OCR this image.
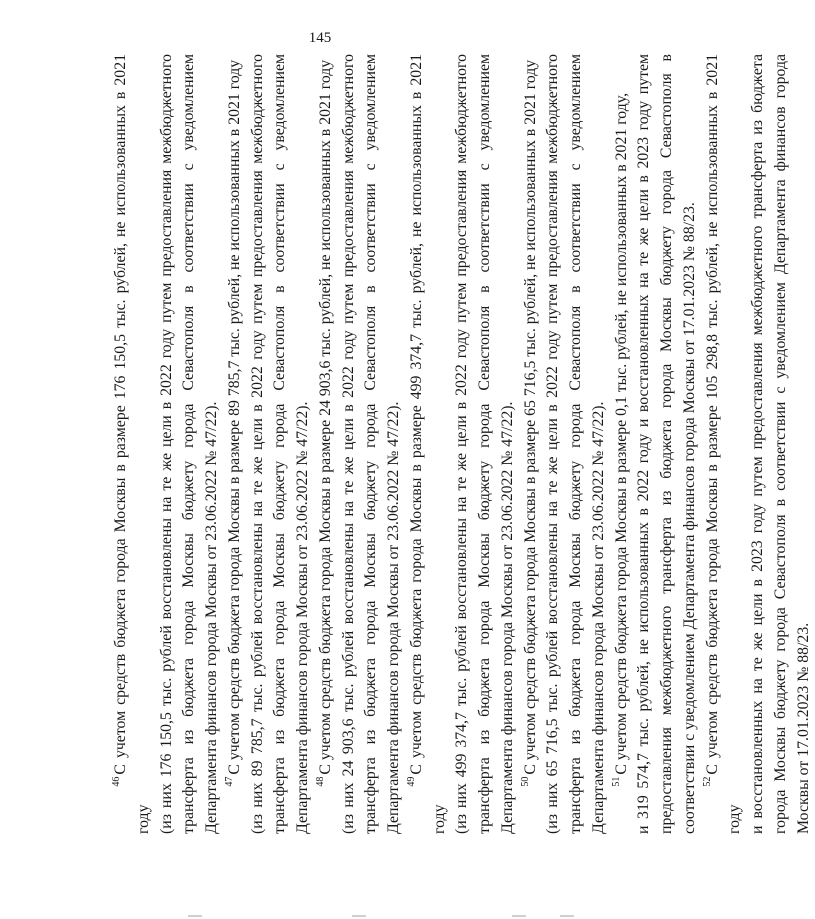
145

   $^{46}$С учетом средств бюджета города Москвы в размере 176 150,5 тыс. рублей, не использованных в 2021 году (из них 176 150,5 тыс. рублей восстановлены на те же цели в 2022 году путем предоставления межбюджетного трансферта из бюджета города Москвы бюджету города Севастополя в соответствии с уведомлением Департамента финансов города Москвы от 23.06.2022 № 47/22).

    $^{47}$С учетом средств бюджета города Москвы в размере 89 785,7 тыс. рублей, не использованных в 2021 году (из них 89 785,7 тыс. рублей восстановлены на те же цели в 2022 году путем предоставления межбюджетного трансферта из бюджета города Москвы бюджету города Севастополя в соответствии с уведомлением Департамента финансов города Москвы от 23.06.2022 № 47/22).

    $^{48}$С учетом средств бюджета города Москвы в размере 24 903,6 тыс. рублей, не использованных в 2021 году (из них 24 903,6 тыс. рублей восстановлены на те же цели в 2022 году путем предоставления межбюджетного трансферта из бюджета города Москвы бюджету города Севастополя в соответствии с уведомлением Департамента финансов города Москвы от 23.06.2022 № 47/22).

    $^{49}$С учетом средств бюджета города Москвы в размере 499 374,7 тыс. рублей, не использованных в 2021 году (из них 499 374,7 тыс. рублей восстановлены на те же цели в 2022 году путем предоставления межбюджетного трансферта из бюджета города Москвы бюджету города Севастополя в соответствии с уведомлением Департамента финансов города Москвы от 23.06.2022 № 47/22).

    $^{50}$С учетом средств бюджета города Москвы в размере 65 716,5 тыс. рублей, не использованных в 2021 году (из них 65 716,5 тыс. рублей восстановлены на те же цели в 2022 году путем предоставления межбюджетного трансферта из бюджета города Москвы бюджету города Севастополя в соответствии с уведомлением Департамента финансов города Москвы от 23.06.2022 № 47/22).

    $^{51}$С учетом средств бюджета города Москвы в размере 0,1 тыс. рублей, не использованных в 2021 году, и 319 574,7 тыс. рублей, не использованных в 2022 году и восстановленных на те же цели в 2023 году путем предоставления межбюджетного трансферта из бюджета города Москвы бюджету города Севастополя в соответствии с уведомлением Департамента финансов города Москвы от 17.01.2023 № 88/23.

    $^{52}$С учетом средств бюджета города Москвы в размере 105 298,8 тыс. рублей, не использованных в 2021 году и восстановленных на те же цели в 2023 году путем предоставления межбюджетного трансферта из бюджета города Москвы бюджету города Севастополя в соответствии с уведомлением Департамента финансов города Москвы от 17.01.2023 № 88/23.
